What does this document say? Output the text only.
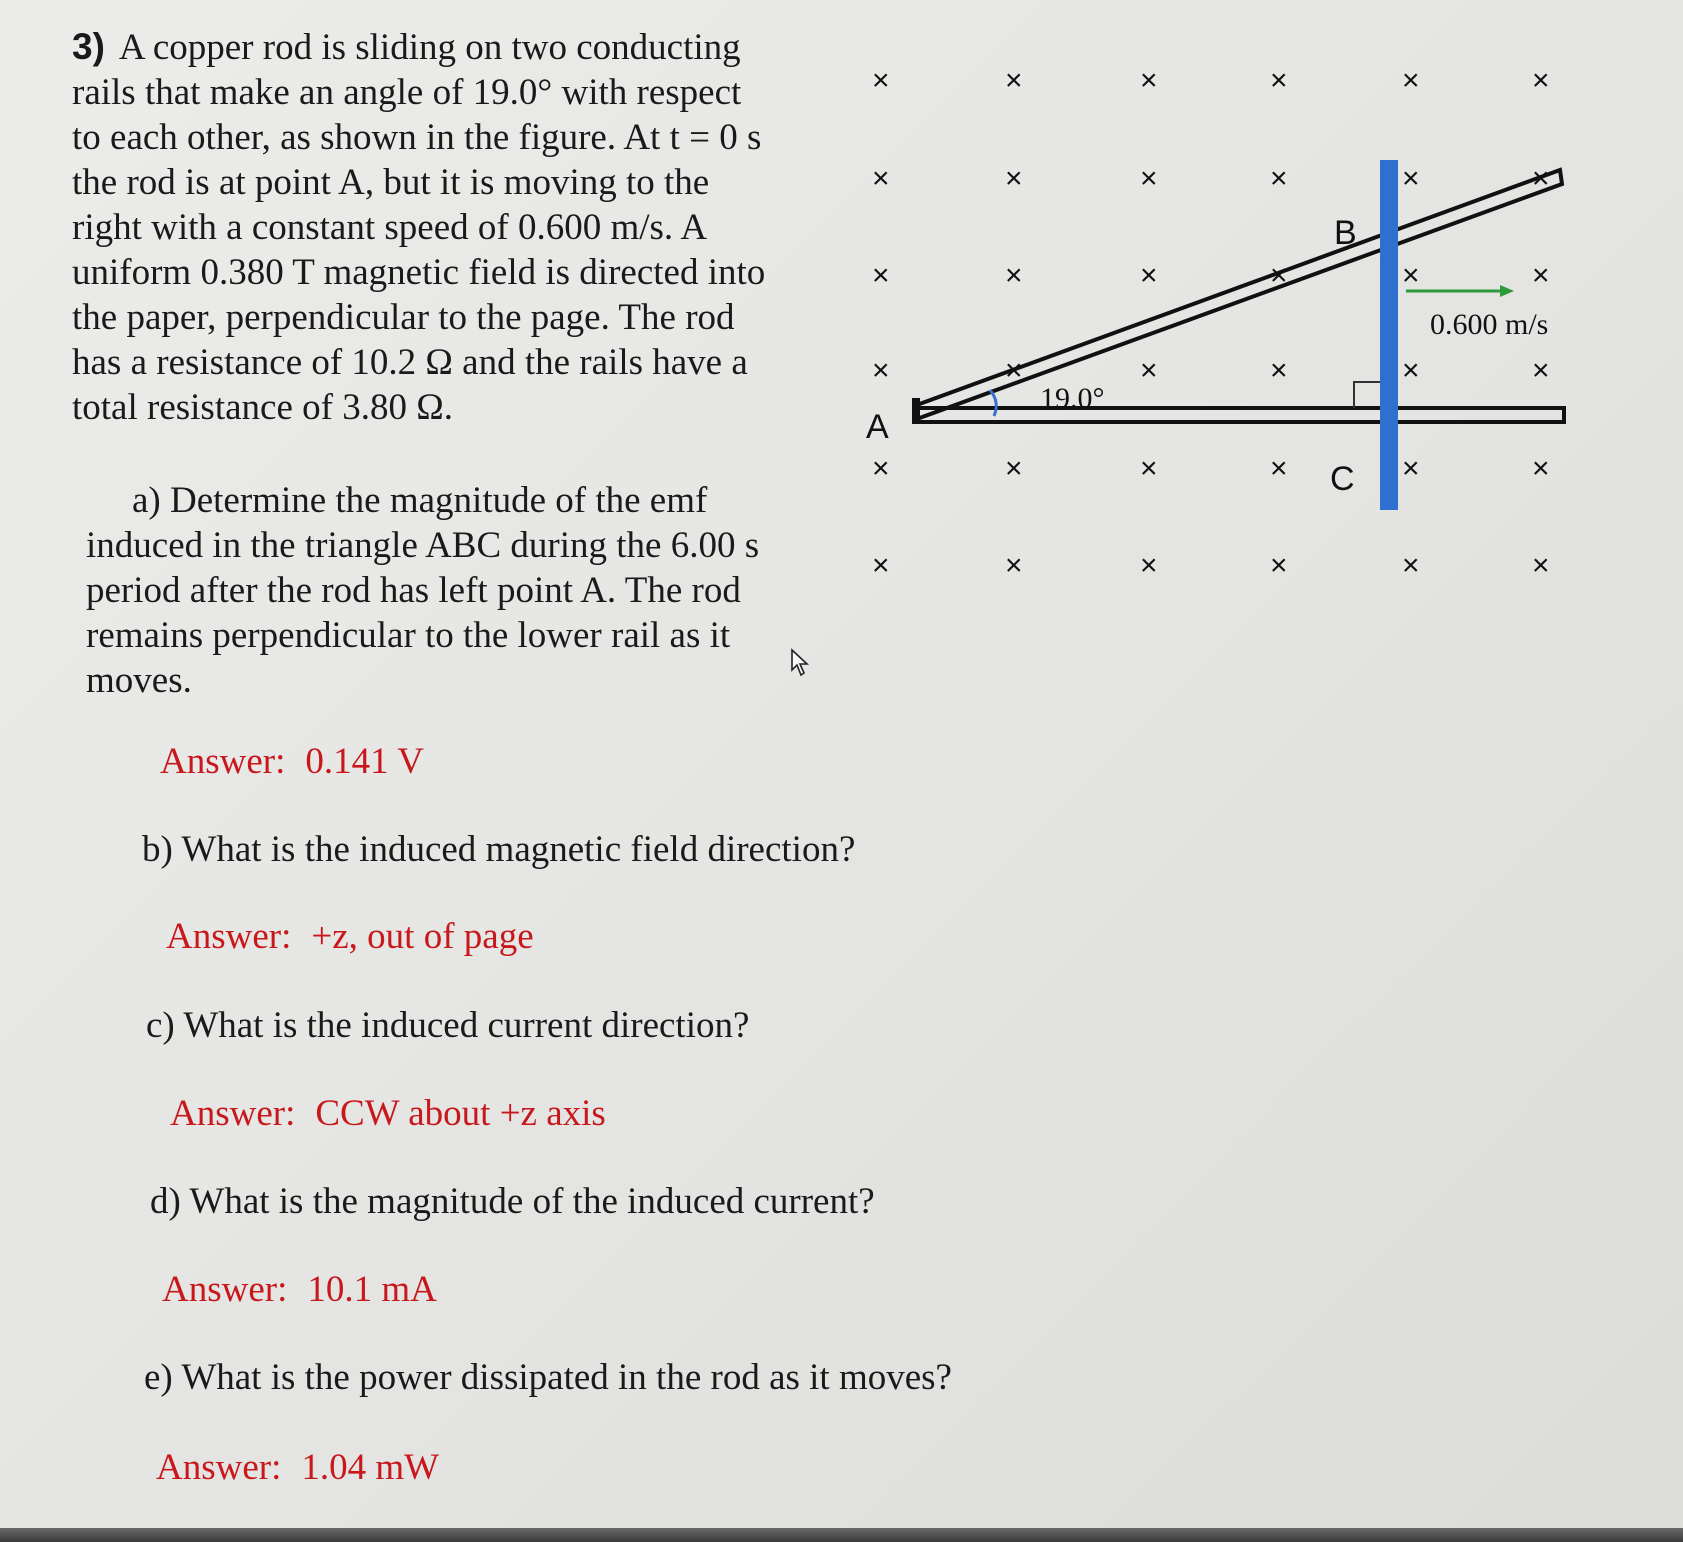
3) A copper rod is sliding on two conducting
rails that make an angle of 19.0° with respect
to each other, as shown in the figure. At t = 0 s
the rod is at point A, but it is moving to the
right with a constant speed of 0.600 m/s. A
uniform 0.380 T magnetic field is directed into
the paper, perpendicular to the page. The rod
has a resistance of 10.2 Ω and the rails have a
total resistance of 3.80 Ω.
a) Determine the magnitude of the emf
induced in the triangle ABC during the 6.00 s
period after the rod has left point A. The rod
remains perpendicular to the lower rail as it
moves.
Answer: 0.141 V
b) What is the induced magnetic field direction?
Answer: +z, out of page
c) What is the induced current direction?
Answer: CCW about +z axis
d) What is the magnitude of the induced current?
Answer: 10.1 mA
e) What is the power dissipated in the rod as it moves?
Answer: 1.04 mW
×	×	×	×	×	×
×	×	×	×	×	×
×	×	×	×	×
×	×	×	×	×	×
×	×	×	×	×
×	×	×	×	×	×
×
×
19.0°
0.600 m/s
A
B
C
